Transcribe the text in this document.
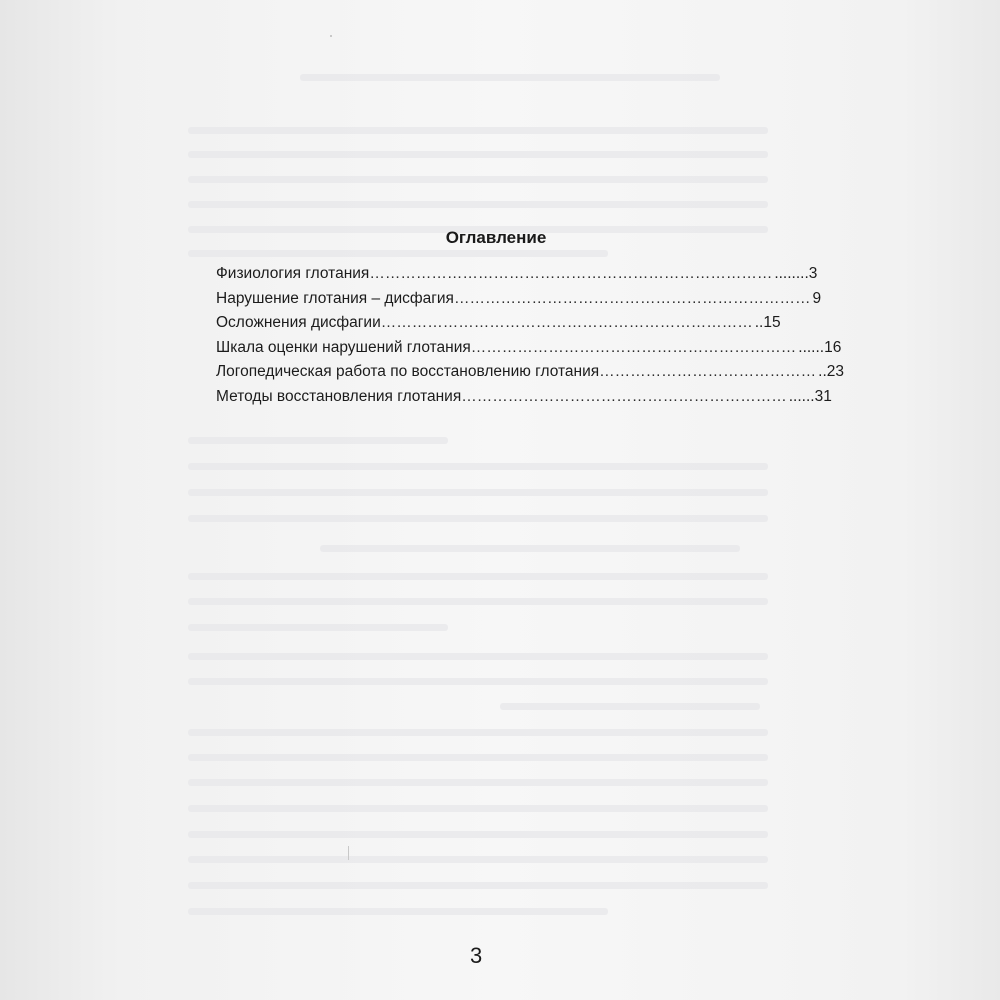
Оглавление
Физиология глотания …………………………………………………………………… ........3
Нарушение глотания – дисфагия …………………………………………………………… 9
Осложнения дисфагии ……………………………………………………………… ..15
Шкала оценки нарушений глотания ……………………………………………………… ......16
Логопедическая работа по восстановлению глотания …………………………………… ..23
Методы восстановления глотания ……………………………………………………… ......31
3
